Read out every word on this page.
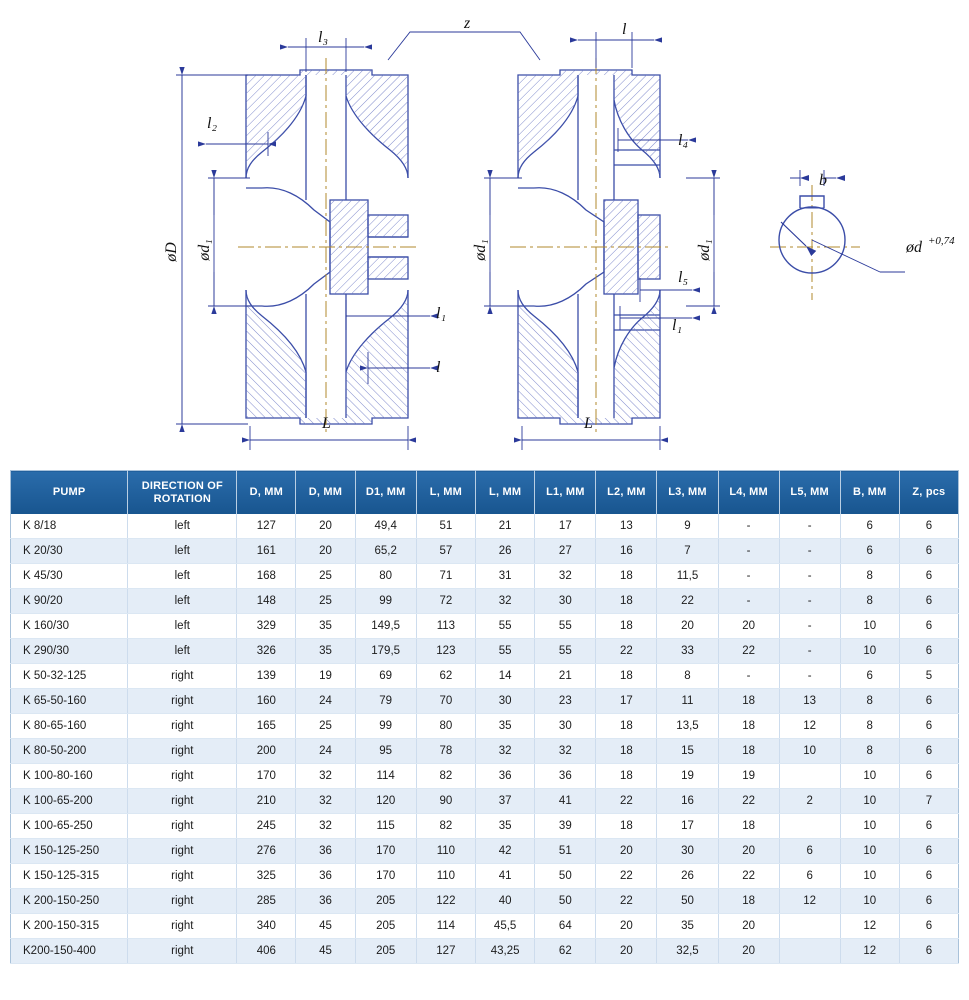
l₃
z	l
l₂
l₄
b
øD ød₁	ød₁	ød₁	ød +0,74
l₁
l
l₅
l₁
L	L
PUMP	DIRECTION OF ROTATION	D, MM	D, MM	D1, MM	L, MM	L, MM	L1, MM	L2, MM	L3, MM	L4, MM	L5, MM	B, MM	Z, pcs
K 8/18	left	127	20	49,4	51	21	17	13	9	-	-	6	6
K 20/30	left	161	20	65,2	57	26	27	16	7	-	-	6	6
K 45/30	left	168	25	80	71	31	32	18	11,5	-	-	8	6
K 90/20	left	148	25	99	72	32	30	18	22	-	-	8	6
K 160/30	left	329	35	149,5	113	55	55	18	20	20	-	10	6
K 290/30	left	326	35	179,5	123	55	55	22	33	22	-	10	6
K 50-32-125	right	139	19	69	62	14	21	18	8	-	-	6	5
K 65-50-160	right	160	24	79	70	30	23	17	11	18	13	8	6
K 80-65-160	right	165	25	99	80	35	30	18	13,5	18	12	8	6
K 80-50-200	right	200	24	95	78	32	32	18	15	18	10	8	6
K 100-80-160	right	170	32	114	82	36	36	18	19	19		10	6
K 100-65-200	right	210	32	120	90	37	41	22	16	22	2	10	7
K 100-65-250	right	245	32	115	82	35	39	18	17	18		10	6
K 150-125-250	right	276	36	170	110	42	51	20	30	20	6	10	6
K 150-125-315	right	325	36	170	110	41	50	22	26	22	6	10	6
K 200-150-250	right	285	36	205	122	40	50	22	50	18	12	10	6
K 200-150-315	right	340	45	205	114	45,5	64	20	35	20		12	6
K200-150-400	right	406	45	205	127	43,25	62	20	32,5	20		12	6
